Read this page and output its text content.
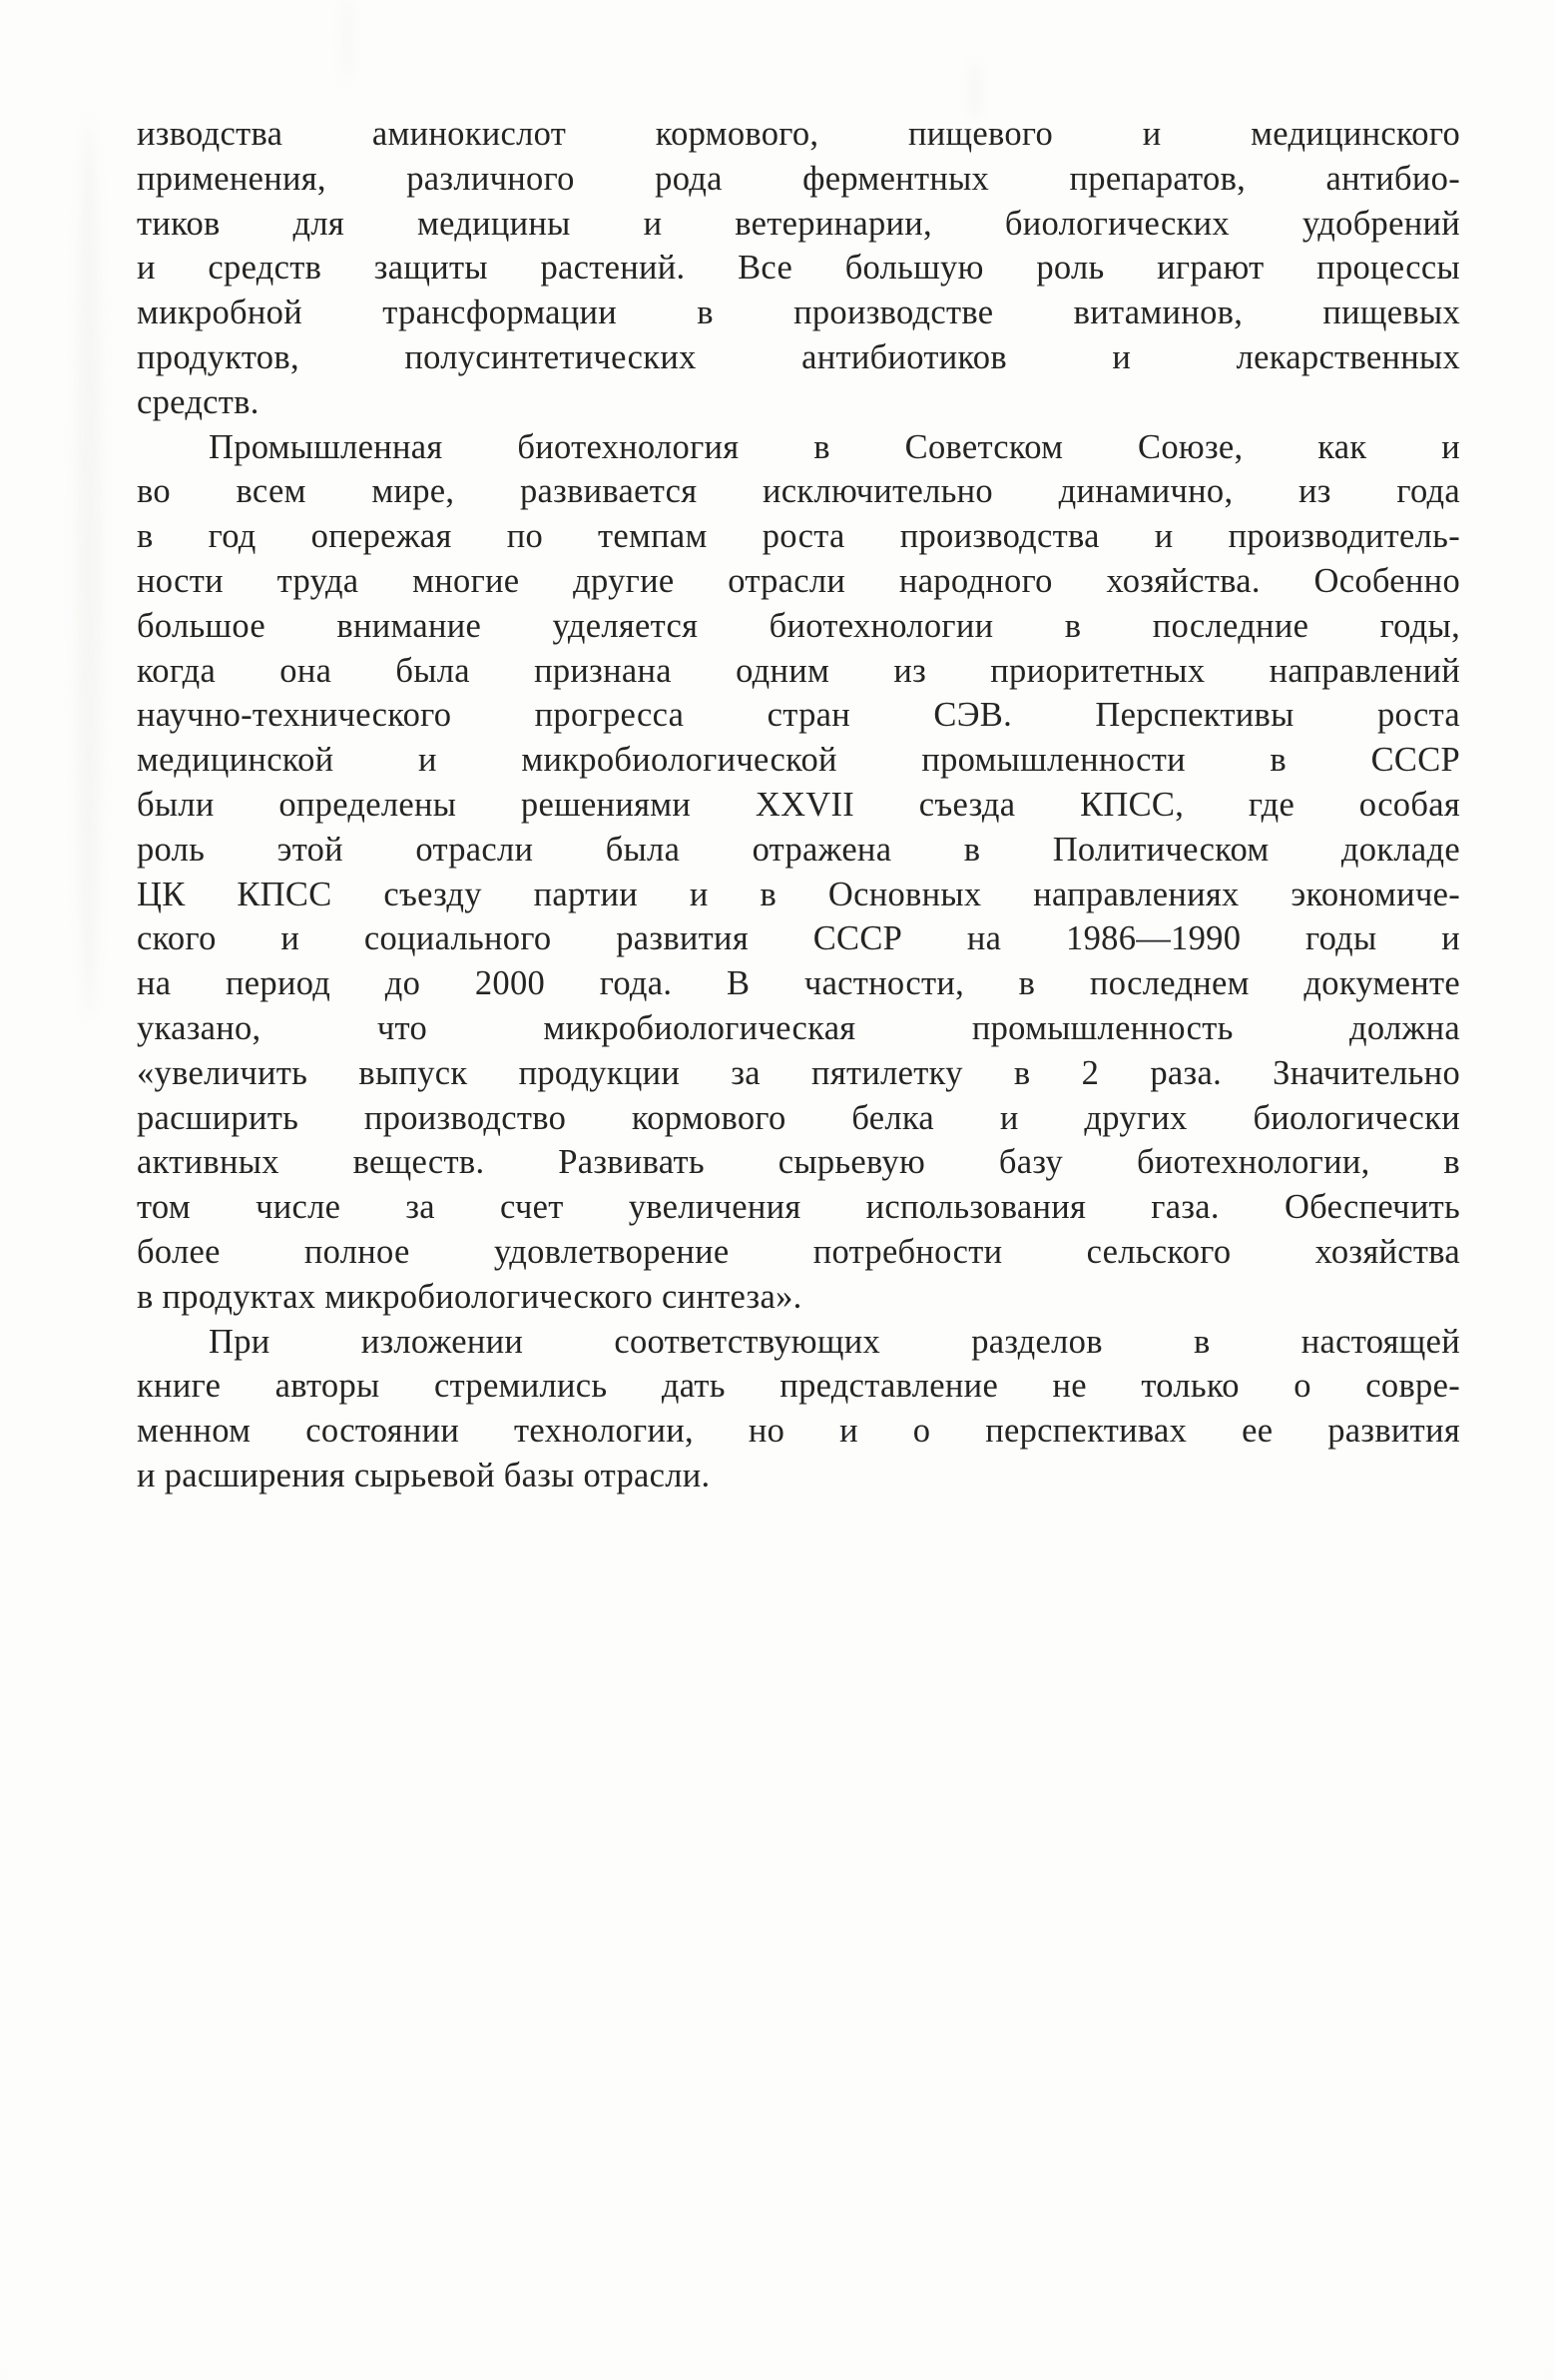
изводства аминокислот кормового, пищевого и медицинского
применения, различного рода ферментных препаратов, антибио-
тиков для медицины и ветеринарии, биологических удобрений
и средств защиты растений. Все большую роль играют процессы
микробной трансформации в производстве витаминов, пищевых
продуктов, полусинтетических антибиотиков и лекарственных
средств.
Промышленная биотехнология в Советском Союзе, как и
во всем мире, развивается исключительно динамично, из года
в год опережая по темпам роста производства и производитель-
ности труда многие другие отрасли народного хозяйства. Особенно
большое внимание уделяется биотехнологии в последние годы,
когда она была признана одним из приоритетных направлений
научно-технического прогресса стран СЭВ. Перспективы роста
медицинской и микробиологической промышленности в СССР
были определены решениями XXVII съезда КПСС, где особая
роль этой отрасли была отражена в Политическом докладе
ЦК КПСС съезду партии и в Основных направлениях экономиче-
ского и социального развития СССР на 1986—1990 годы и
на период до 2000 года. В частности, в последнем документе
указано, что микробиологическая промышленность должна
«увеличить выпуск продукции за пятилетку в 2 раза. Значительно
расширить производство кормового белка и других биологически
активных веществ. Развивать сырьевую базу биотехнологии, в
том числе за счет увеличения использования газа. Обеспечить
более полное удовлетворение потребности сельского хозяйства
в продуктах микробиологического синтеза».
При изложении соответствующих разделов в настоящей
книге авторы стремились дать представление не только о совре-
менном состоянии технологии, но и о перспективах ее развития
и расширения сырьевой базы отрасли.
